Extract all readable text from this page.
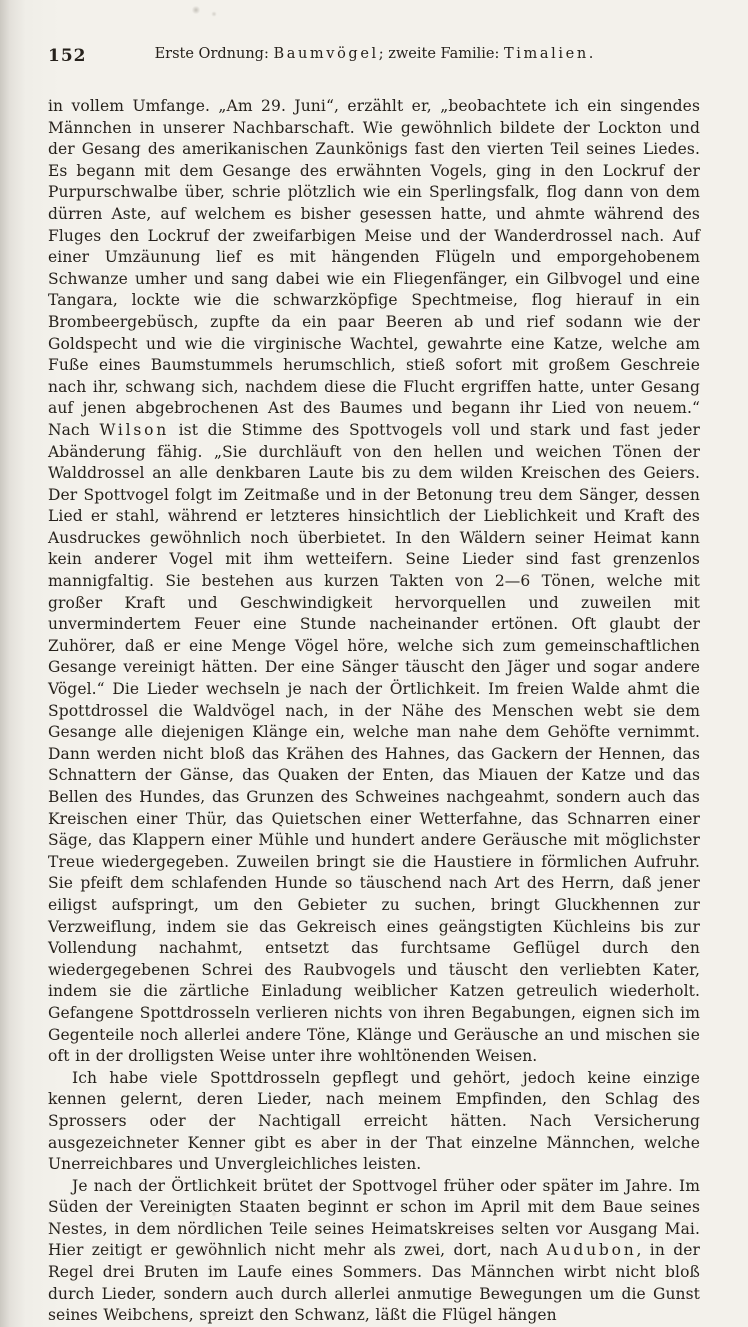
152	Erste Ordnung: Baumvögel; zweite Familie: Timalien.

in vollem Umfange. „Am 29. Juni“, erzählt er, „beobachtete ich ein singendes Männchen in unserer Nachbarschaft. Wie gewöhnlich bildete der Lockton und der Gesang des amerikanischen Zaunkönigs fast den vierten Teil seines Liedes. Es begann mit dem Gesange des erwähnten Vogels, ging in den Lockruf der Purpurschwalbe über, schrie plötzlich wie ein Sperlingsfalk, flog dann von dem dürren Aste, auf welchem es bisher gesessen hatte, und ahmte während des Fluges den Lockruf der zweifarbigen Meise und der Wanderdrossel nach. Auf einer Umzäunung lief es mit hängenden Flügeln und emporgehobenem Schwanze umher und sang dabei wie ein Fliegenfänger, ein Gilbvogel und eine Tangara, lockte wie die schwarzköpfige Spechtmeise, flog hierauf in ein Brombeergebüsch, zupfte da ein paar Beeren ab und rief sodann wie der Goldspecht und wie die virginische Wachtel, gewahrte eine Katze, welche am Fuße eines Baumstummels herumschlich, stieß sofort mit großem Geschreie nach ihr, schwang sich, nachdem diese die Flucht ergriffen hatte, unter Gesang auf jenen abgebrochenen Ast des Baumes und begann ihr Lied von neuem.“ Nach Wilson ist die Stimme des Spottvogels voll und stark und fast jeder Abänderung fähig. „Sie durchläuft von den hellen und weichen Tönen der Walddrossel an alle denkbaren Laute bis zu dem wilden Kreischen des Geiers. Der Spottvogel folgt im Zeitmaße und in der Betonung treu dem Sänger, dessen Lied er stahl, während er letzteres hinsichtlich der Lieblichkeit und Kraft des Ausdruckes gewöhnlich noch überbietet. In den Wäldern seiner Heimat kann kein anderer Vogel mit ihm wetteifern. Seine Lieder sind fast grenzenlos mannigfaltig. Sie bestehen aus kurzen Takten von 2—6 Tönen, welche mit großer Kraft und Geschwindigkeit hervorquellen und zuweilen mit unvermindertem Feuer eine Stunde nacheinander ertönen. Oft glaubt der Zuhörer, daß er eine Menge Vögel höre, welche sich zum gemeinschaftlichen Gesange vereinigt hätten. Der eine Sänger täuscht den Jäger und sogar andere Vögel.“ Die Lieder wechseln je nach der Örtlichkeit. Im freien Walde ahmt die Spottdrossel die Waldvögel nach, in der Nähe des Menschen webt sie dem Gesange alle diejenigen Klänge ein, welche man nahe dem Gehöfte vernimmt. Dann werden nicht bloß das Krähen des Hahnes, das Gackern der Hennen, das Schnattern der Gänse, das Quaken der Enten, das Miauen der Katze und das Bellen des Hundes, das Grunzen des Schweines nachgeahmt, sondern auch das Kreischen einer Thür, das Quietschen einer Wetterfahne, das Schnarren einer Säge, das Klappern einer Mühle und hundert andere Geräusche mit möglichster Treue wiedergegeben. Zuweilen bringt sie die Haustiere in förmlichen Aufruhr. Sie pfeift dem schlafenden Hunde so täuschend nach Art des Herrn, daß jener eiligst aufspringt, um den Gebieter zu suchen, bringt Gluckhennen zur Verzweiflung, indem sie das Gekreisch eines geängstigten Küchleins bis zur Vollendung nachahmt, entsetzt das furchtsame Geflügel durch den wiedergegebenen Schrei des Raubvogels und täuscht den verliebten Kater, indem sie die zärtliche Einladung weiblicher Katzen getreulich wiederholt. Gefangene Spottdrosseln verlieren nichts von ihren Begabungen, eignen sich im Gegenteile noch allerlei andere Töne, Klänge und Geräusche an und mischen sie oft in der drolligsten Weise unter ihre wohltönenden Weisen.

Ich habe viele Spottdrosseln gepflegt und gehört, jedoch keine einzige kennen gelernt, deren Lieder, nach meinem Empfinden, den Schlag des Sprossers oder der Nachtigall erreicht hätten. Nach Versicherung ausgezeichneter Kenner gibt es aber in der That einzelne Männchen, welche Unerreichbares und Unvergleichliches leisten.

Je nach der Örtlichkeit brütet der Spottvogel früher oder später im Jahre. Im Süden der Vereinigten Staaten beginnt er schon im April mit dem Baue seines Nestes, in dem nördlichen Teile seines Heimatskreises selten vor Ausgang Mai. Hier zeitigt er gewöhnlich nicht mehr als zwei, dort, nach Audubon, in der Regel drei Bruten im Laufe eines Sommers. Das Männchen wirbt nicht bloß durch Lieder, sondern auch durch allerlei anmutige Bewegungen um die Gunst seines Weibchens, spreizt den Schwanz, läßt die Flügel hängen
